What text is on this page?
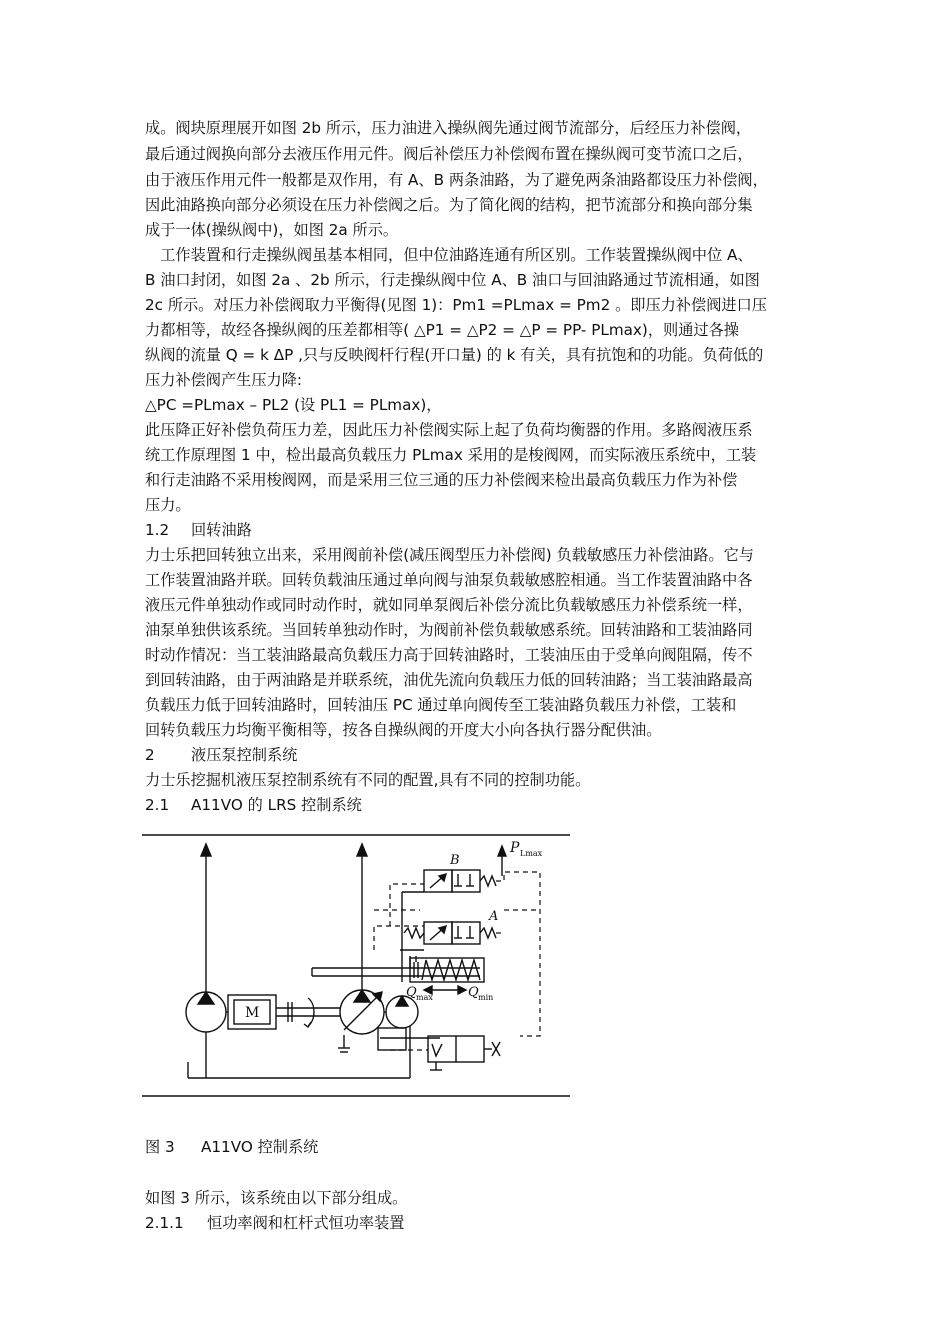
成。阀块原理展开如图 2b 所示，压力油进入操纵阀先通过阀节流部分，后经压力补偿阀，
最后通过阀换向部分去液压作用元件。阀后补偿压力补偿阀布置在操纵阀可变节流口之后，
由于液压作用元件一般都是双作用，有 A、B 两条油路，为了避免两条油路都设压力补偿阀，
因此油路换向部分必须设在压力补偿阀之后。为了简化阀的结构，把节流部分和换向部分集
成于一体(操纵阀中)，如图 2a 所示。
　工作装置和行走操纵阀虽基本相同，但中位油路连通有所区别。工作装置操纵阀中位 A、
B 油口封闭，如图 2a 、2b 所示，行走操纵阀中位 A、B 油口与回油路通过节流相通，如图
2c 所示。对压力补偿阀取力平衡得(见图 1)：Pm1 =PLmax = Pm2 。即压力补偿阀进口压
力都相等，故经各操纵阀的压差都相等( △P1 = △P2 = △P = PP- PLmax)，则通过各操
纵阀的流量 Q = k ΔP ,只与反映阀杆行程(开口量) 的 k 有关，具有抗饱和的功能。负荷低的
压力补偿阀产生压力降:
△PC =PLmax – PL2 (设 PL1 = PLmax)，
此压降正好补偿负荷压力差，因此压力补偿阀实际上起了负荷均衡器的作用。多路阀液压系
统工作原理图 1 中，检出最高负载压力 PLmax 采用的是梭阀网，而实际液压系统中，工装
和行走油路不采用梭阀网，而是采用三位三通的压力补偿阀来检出最高负载压力作为补偿
压力。
1.2 回转油路
力士乐把回转独立出来，采用阀前补偿(减压阀型压力补偿阀) 负载敏感压力补偿油路。它与
工作装置油路并联。回转负载油压通过单向阀与油泵负载敏感腔相通。当工作装置油路中各
液压元件单独动作或同时动作时，就如同单泵阀后补偿分流比负载敏感压力补偿系统一样，
油泵单独供该系统。当回转单独动作时，为阀前补偿负载敏感系统。回转油路和工装油路同
时动作情况：当工装油路最高负载压力高于回转油路时，工装油压由于受单向阀阻隔，传不
到回转油路，由于两油路是并联系统，油优先流向负载压力低的回转油路；当工装油路最高
负载压力低于回转油路时，回转油压 PC 通过单向阀传至工装油路负载压力补偿，工装和
回转负载压力均衡平衡相等，按各自操纵阀的开度大小向各执行器分配供油。
2 液压泵控制系统
力士乐挖掘机液压泵控制系统有不同的配置,具有不同的控制功能。
2.1 A11VO 的 LRS 控制系统
B
A
P Lmax
M
Q max	Q min
图 3 A11VO 控制系统
如图 3 所示，该系统由以下部分组成。
2.1.1 恒功率阀和杠杆式恒功率装置
